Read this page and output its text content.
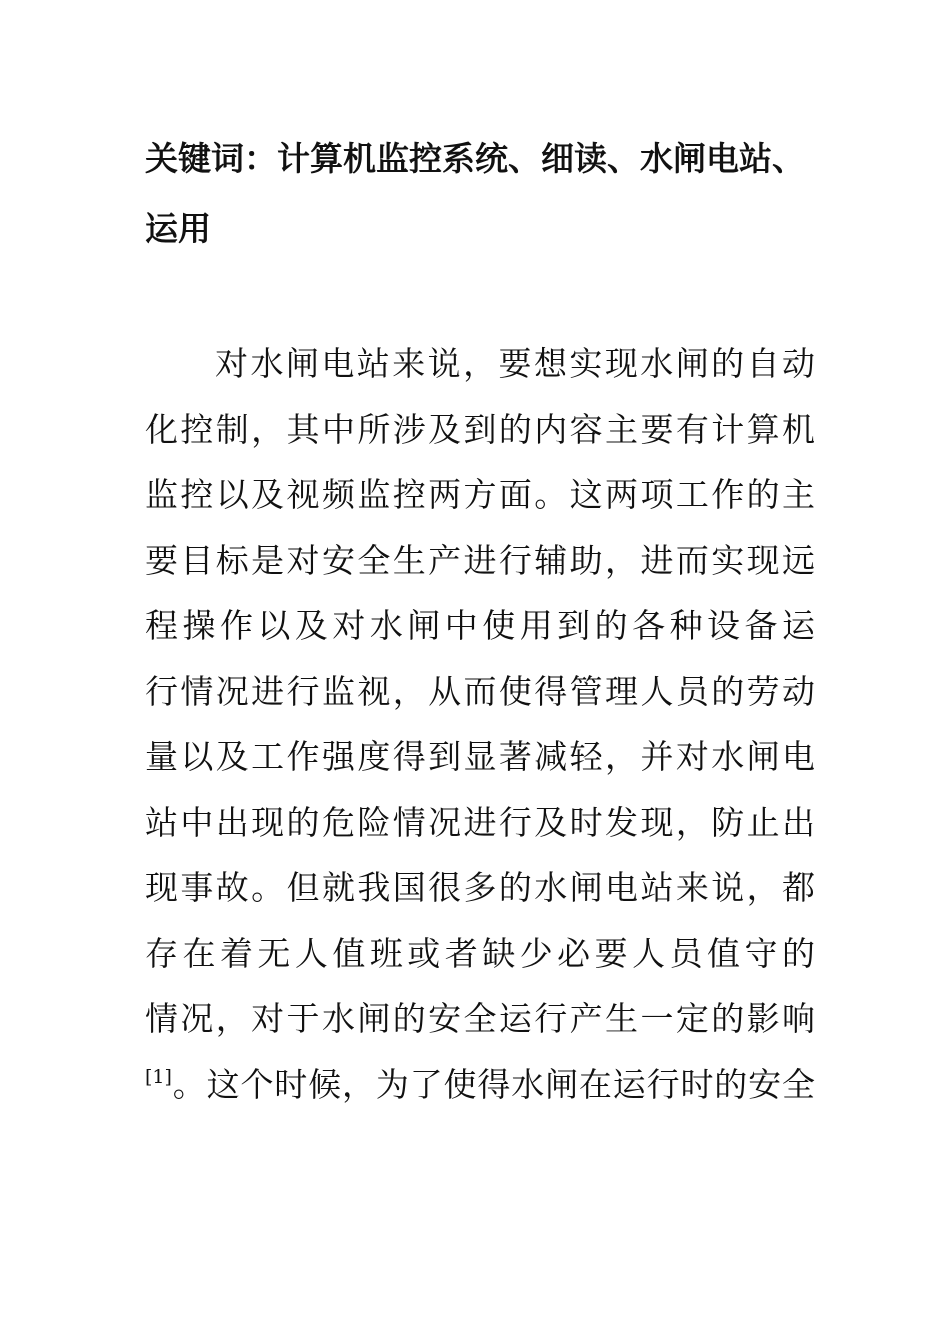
关键词：计算机监控系统、细读、水闸电站、
运用

对水闸电站来说，要想实现水闸的自动
化控制，其中所涉及到的内容主要有计算机
监控以及视频监控两方面。这两项工作的主
要目标是对安全生产进行辅助，进而实现远
程操作以及对水闸中使用到的各种设备运
行情况进行监视，从而使得管理人员的劳动
量以及工作强度得到显著减轻，并对水闸电
站中出现的危险情况进行及时发现，防止出
现事故。但就我国很多的水闸电站来说，都
存在着无人值班或者缺少必要人员值守的
情况，对于水闸的安全运行产生一定的影响
[1]。这个时候，为了使得水闸在运行时的安全
